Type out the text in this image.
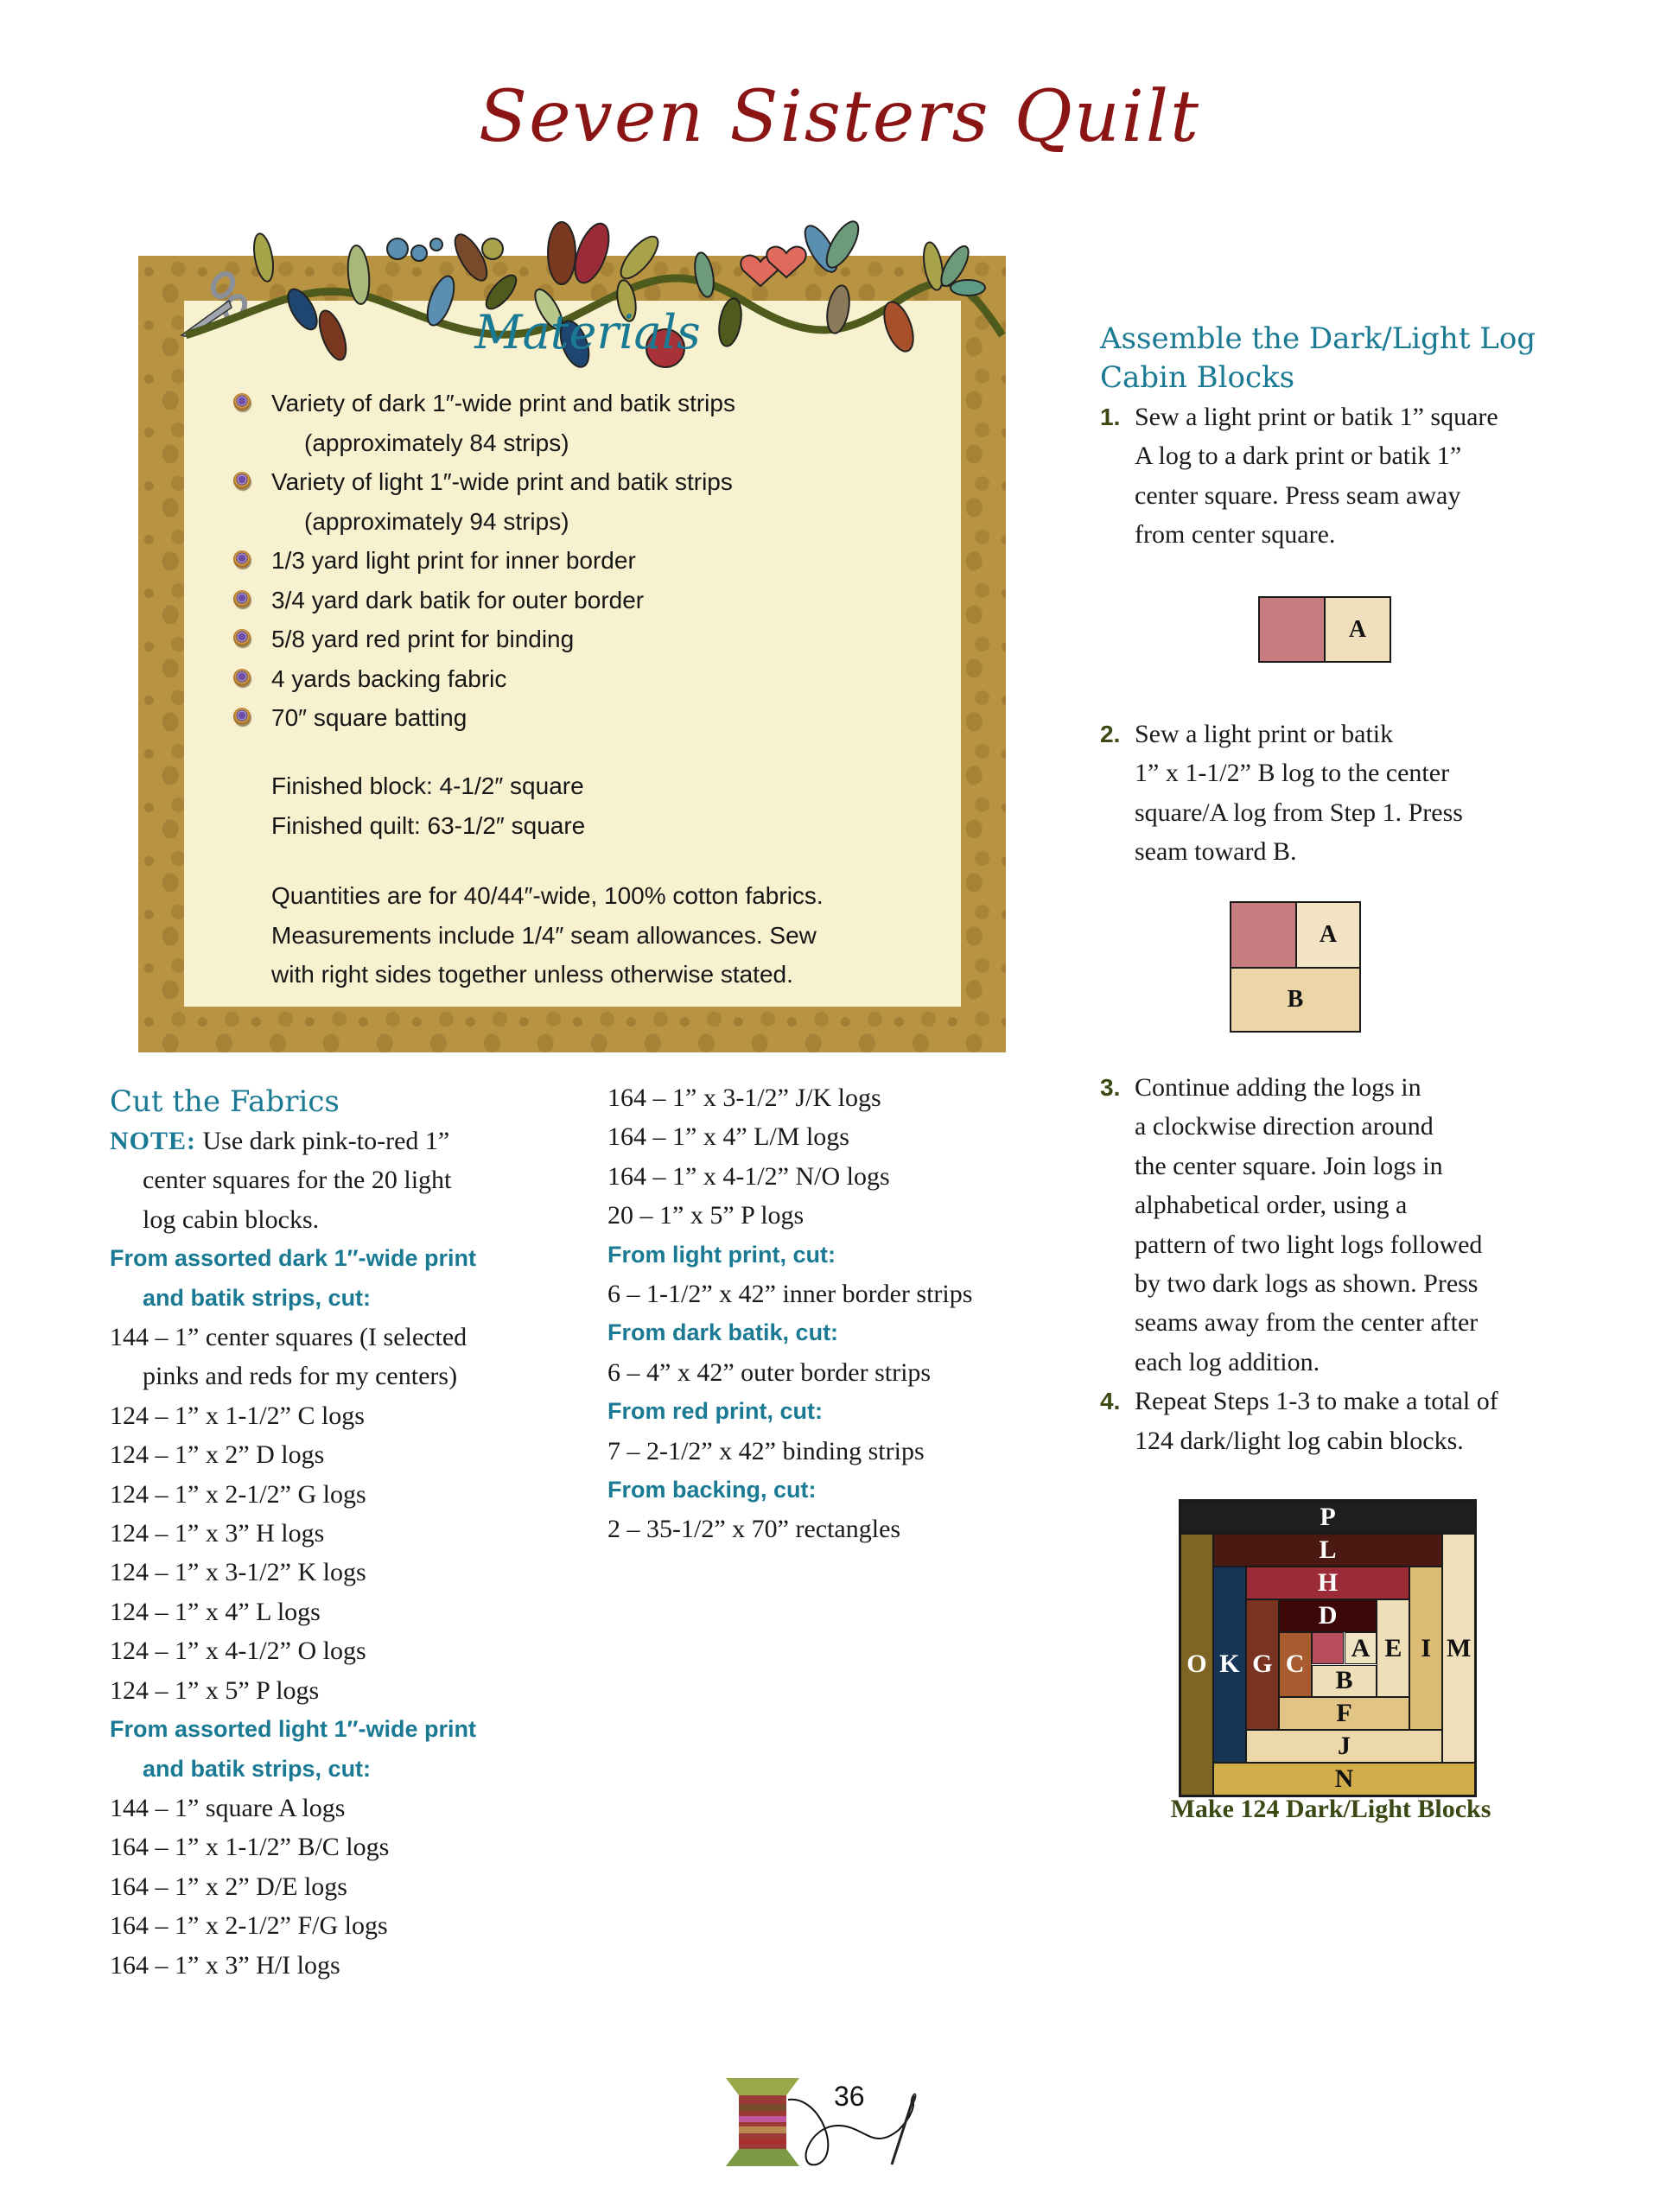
Seven Sisters Quilt
Materials
Variety of dark 1″-wide print and batik strips
(approximately 84 strips)
Variety of light 1″-wide print and batik strips
(approximately 94 strips)
1/3 yard light print for inner border
3/4 yard dark batik for outer border
5/8 yard red print for binding
4 yards backing fabric
70″ square batting
Finished block: 4-1/2″ square
Finished quilt: 63-1/2″ square
Quantities are for 40/44″-wide, 100% cotton fabrics.
Measurements include 1/4″ seam allowances. Sew
with right sides together unless otherwise stated.
Cut the Fabrics
NOTE: Use dark pink-to-red 1”
center squares for the 20 light
log cabin blocks.
From assorted dark 1″-wide print
and batik strips, cut:
144 – 1” center squares (I selected
pinks and reds for my centers)
124 – 1” x 1-1/2” C logs
124 – 1” x 2” D logs
124 – 1” x 2-1/2” G logs
124 – 1” x 3” H logs
124 – 1” x 3-1/2” K logs
124 – 1” x 4” L logs
124 – 1” x 4-1/2” O logs
124 – 1” x 5” P logs
From assorted light 1″-wide print
and batik strips, cut:
144 – 1” square A logs
164 – 1” x 1-1/2” B/C logs
164 – 1” x 2” D/E logs
164 – 1” x 2-1/2” F/G logs
164 – 1” x 3” H/I logs
164 – 1” x 3-1/2” J/K logs
164 – 1” x 4” L/M logs
164 – 1” x 4-1/2” N/O logs
20 – 1” x 5” P logs
From light print, cut:
6 – 1-1/2” x 42” inner border strips
From dark batik, cut:
6 – 4” x 42” outer border strips
From red print, cut:
7 – 2-1/2” x 42” binding strips
From backing, cut:
2 – 35-1/2” x 70” rectangles
Assemble the Dark/Light Log
Cabin Blocks
1. Sew a light print or batik 1” square
A log to a dark print or batik 1”
center square. Press seam away
from center square.
A
2. Sew a light print or batik
1” x 1-1/2” B log to the center
square/A log from Step 1. Press
seam toward B.
A
B
3. Continue adding the logs in
a clockwise direction around
the center square. Join logs in
alphabetical order, using a
pattern of two light logs followed
by two dark logs as shown. Press
seams away from the center after
each log addition.
4. Repeat Steps 1-3 to make a total of
124 dark/light log cabin blocks.
P
O
N
M
L
K
J
I
H
G
F
E
D
C
A
B
Make 124 Dark/Light Blocks
36
